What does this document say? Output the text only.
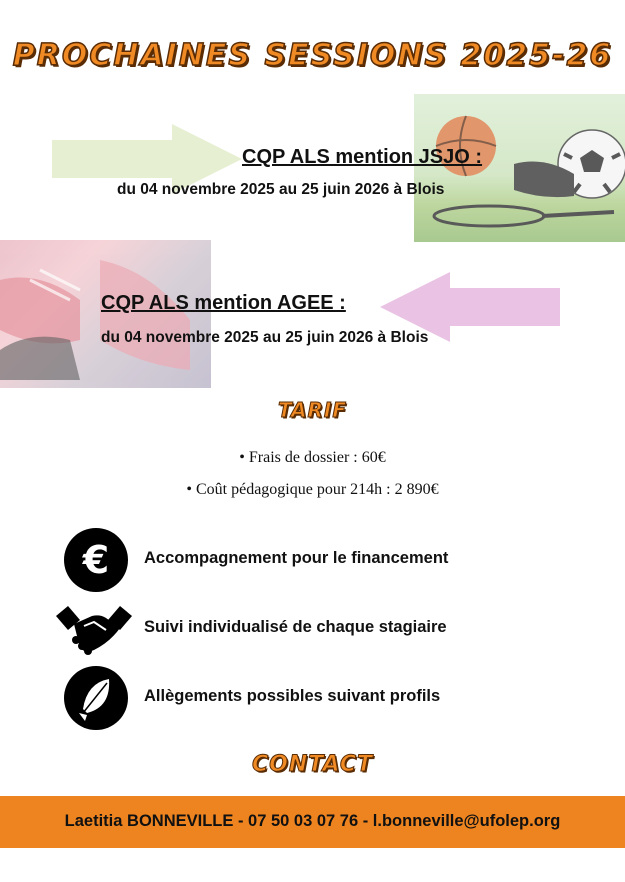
PROCHAINES SESSIONS 2025-26
CQP ALS mention JSJO :
du 04 novembre 2025 au 25 juin 2026 à Blois
CQP ALS mention AGEE :
du 04 novembre 2025 au 25 juin 2026 à Blois
TARIF
• Frais de dossier : 60€
• Coût pédagogique pour 214h : 2 890€
€ Accompagnement pour le financement
Suivi individualisé de chaque stagiaire
Allègements possibles suivant profils
CONTACT
Laetitia BONNEVILLE - 07 50 03 07 76 - l.bonneville@ufolep.org
